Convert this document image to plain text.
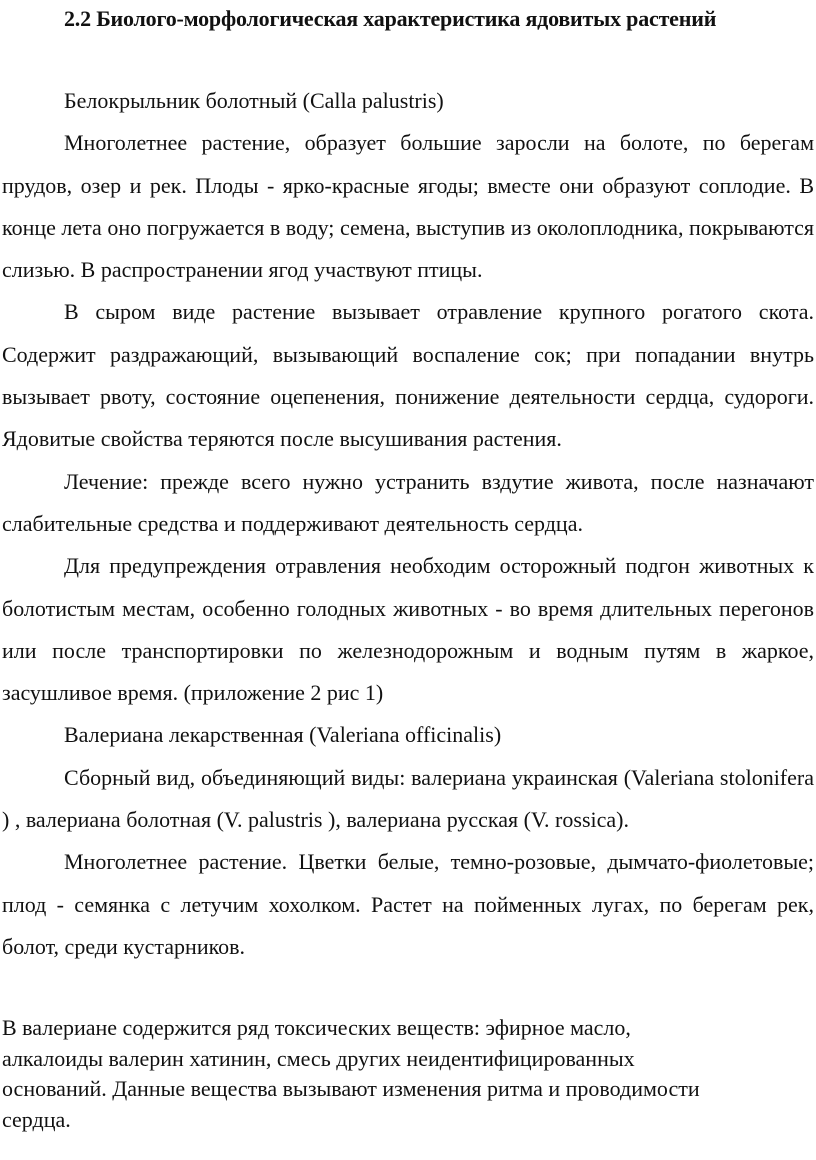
2.2 Биолого-морфологическая характеристика ядовитых растений

Белокрыльник болотный (Calla palustris)

Многолетнее растение, образует большие заросли на болоте, по берегам прудов, озер и рек. Плоды - ярко-красные ягоды; вместе они образуют соплодие. В конце лета оно погружается в воду; семена, выступив из околоплодника, покрываются слизью. В распространении ягод участвуют птицы.

В сыром виде растение вызывает отравление крупного рогатого скота. Содержит раздражающий, вызывающий воспаление сок; при попадании внутрь вызывает рвоту, состояние оцепенения, понижение деятельности сердца, судороги. Ядовитые свойства теряются после высушивания растения.

Лечение: прежде всего нужно устранить вздутие живота, после назначают слабительные средства и поддерживают деятельность сердца.

Для предупреждения отравления необходим осторожный подгон животных к болотистым местам, особенно голодных животных - во время длительных перегонов или после транспортировки по железнодорожным и водным путям в жаркое, засушливое время. (приложение 2 рис 1)

Валериана лекарственная (Valeriana officinalis)

Сборный вид, объединяющий виды: валериана украинская (Valeriana stolonifera ) , валериана болотная (V. palustris ), валериана русская (V. rossica).

Многолетнее растение. Цветки белые, темно-розовые, дымчато-фиолетовые; плод - семянка с летучим хохолком. Растет на пойменных лугах, по берегам рек, болот, среди кустарников.

В валериане содержится ряд токсических веществ: эфирное масло,

алкалоиды валерин хатинин, смесь других неидентифицированных

оснований. Данные вещества вызывают изменения ритма и проводимости

сердца.
